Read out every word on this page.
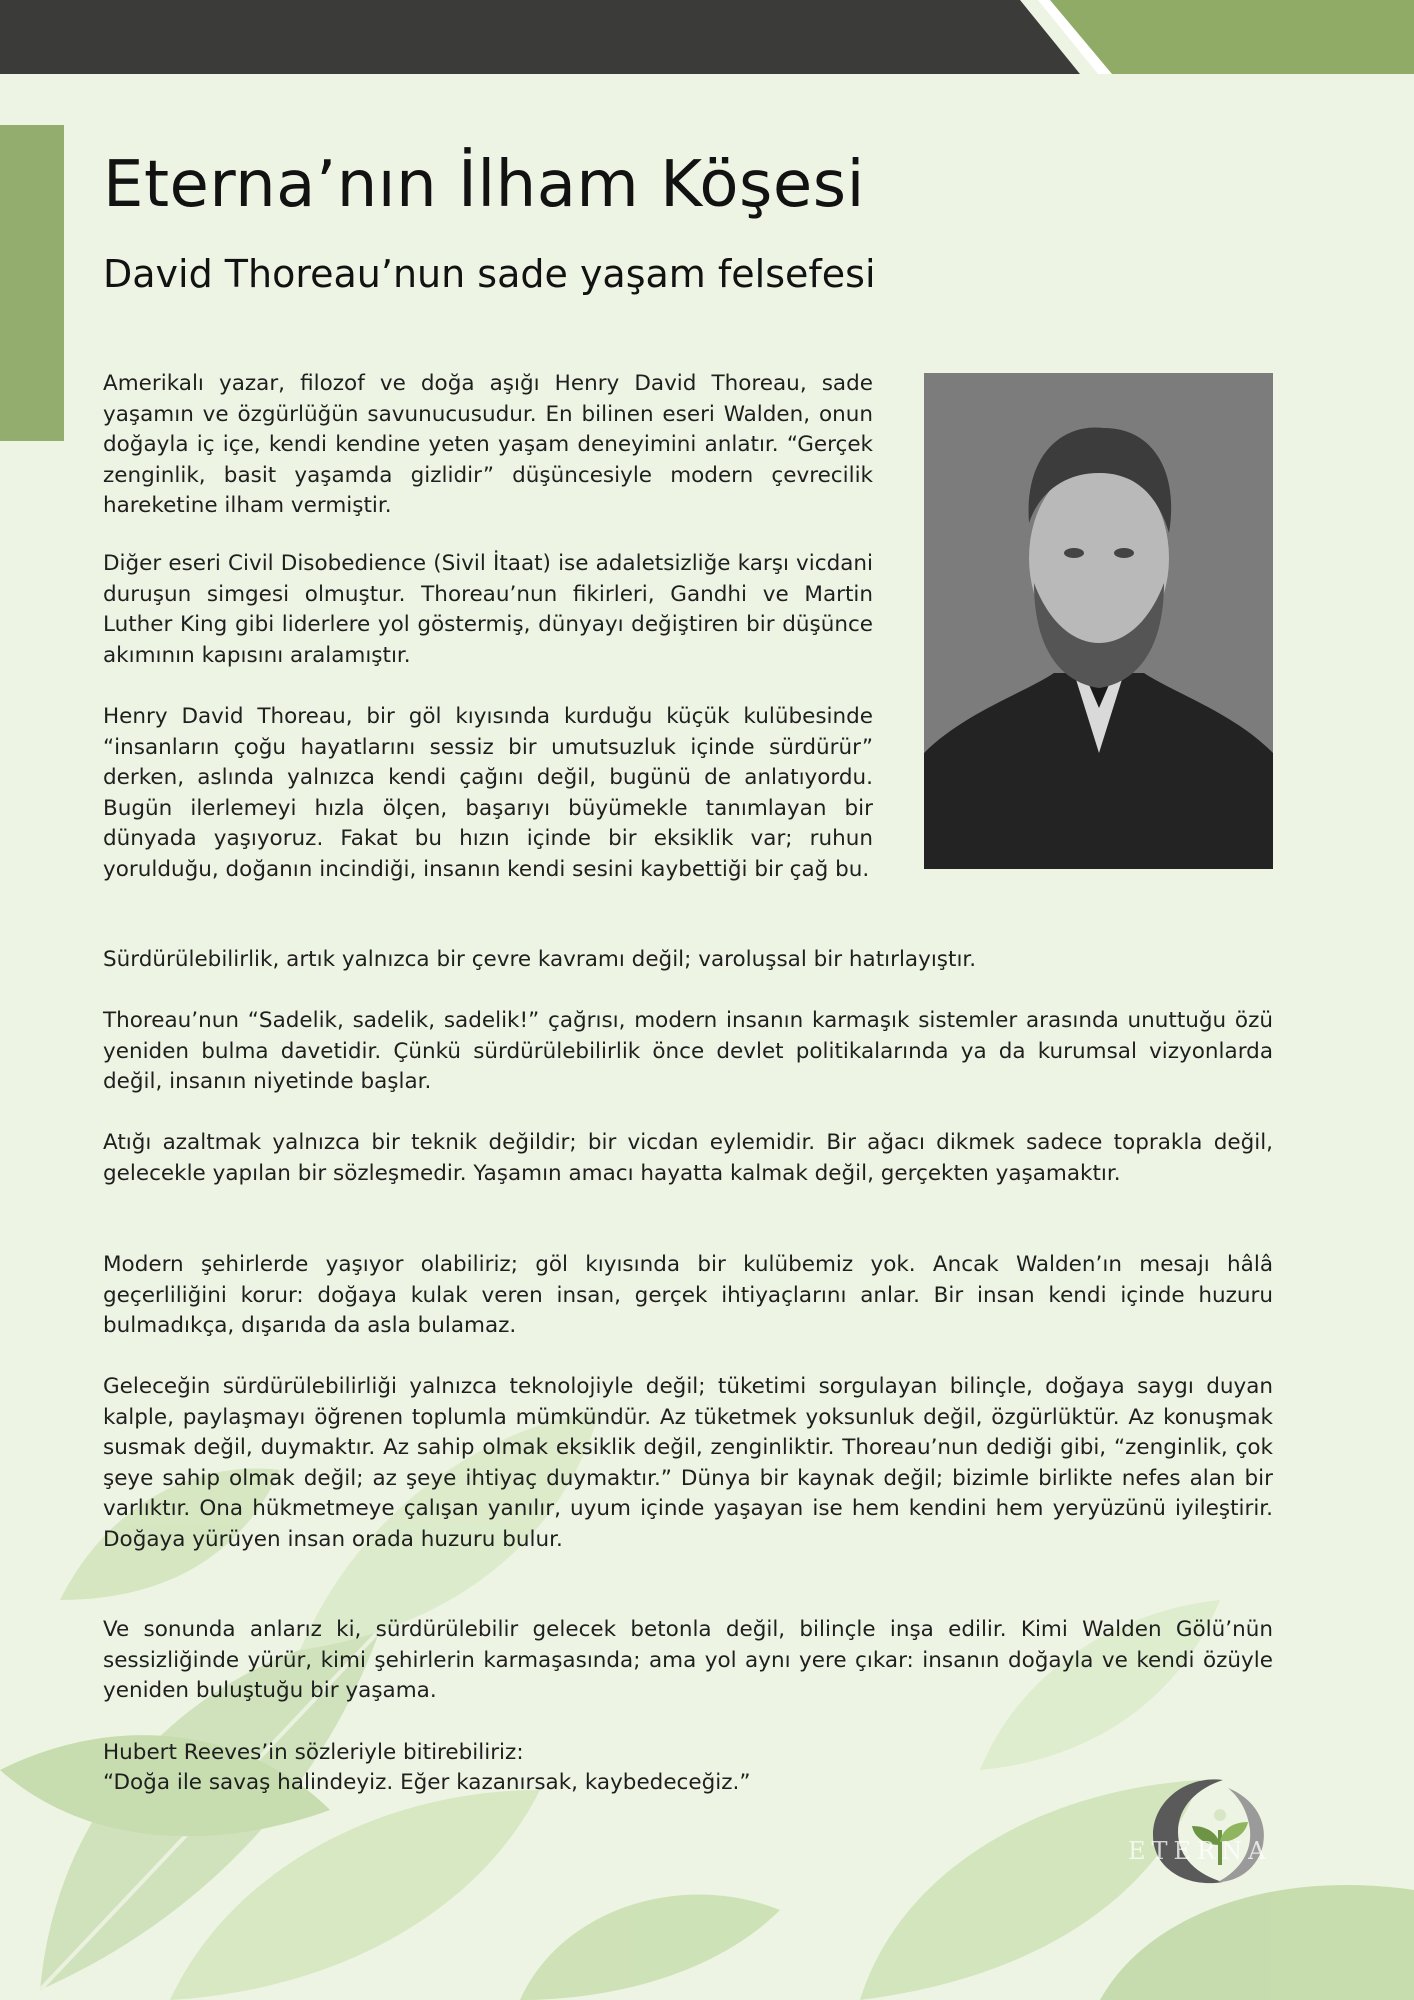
Eterna’nın İlham Köşesi
David Thoreau’nun sade yaşam felsefesi

Amerikalı yazar, filozof ve doğa aşığı Henry David Thoreau, sade yaşamın ve özgürlüğün savunucusudur. En bilinen eseri Walden, onun doğayla iç içe, kendi kendine yeten yaşam deneyimini anlatır. “Gerçek zenginlik, basit yaşamda gizlidir” düşüncesiyle modern çevrecilik hareketine ilham vermiştir.

Diğer eseri Civil Disobedience (Sivil İtaat) ise adaletsizliğe karşı vicdani duruşun simgesi olmuştur. Thoreau’nun fikirleri, Gandhi ve Martin Luther King gibi liderlere yol göstermiş, dünyayı değiştiren bir düşünce akımının kapısını aralamıştır.

Henry David Thoreau, bir göl kıyısında kurduğu küçük kulübesinde “insanların çoğu hayatlarını sessiz bir umutsuzluk içinde sürdürür” derken, aslında yalnızca kendi çağını değil, bugünü de anlatıyordu. Bugün ilerlemeyi hızla ölçen, başarıyı büyümekle tanımlayan bir dünyada yaşıyoruz. Fakat bu hızın içinde bir eksiklik var; ruhun yorulduğu, doğanın incindiği, insanın kendi sesini kaybettiği bir çağ bu.

Sürdürülebilirlik, artık yalnızca bir çevre kavramı değil; varoluşsal bir hatırlayıştır.

Thoreau’nun “Sadelik, sadelik, sadelik!” çağrısı, modern insanın karmaşık sistemler arasında unuttuğu özü yeniden bulma davetidir. Çünkü sürdürülebilirlik önce devlet politikalarında ya da kurumsal vizyonlarda değil, insanın niyetinde başlar.

Atığı azaltmak yalnızca bir teknik değildir; bir vicdan eylemidir. Bir ağacı dikmek sadece toprakla değil, gelecekle yapılan bir sözleşmedir. Yaşamın amacı hayatta kalmak değil, gerçekten yaşamaktır.

Modern şehirlerde yaşıyor olabiliriz; göl kıyısında bir kulübemiz yok. Ancak Walden’ın mesajı hâlâ geçerliliğini korur: doğaya kulak veren insan, gerçek ihtiyaçlarını anlar. Bir insan kendi içinde huzuru bulmadıkça, dışarıda da asla bulamaz.

Geleceğin sürdürülebilirliği yalnızca teknolojiyle değil; tüketimi sorgulayan bilinçle, doğaya saygı duyan kalple, paylaşmayı öğrenen toplumla mümkündür. Az tüketmek yoksunluk değil, özgürlüktür. Az konuşmak susmak değil, duymaktır. Az sahip olmak eksiklik değil, zenginliktir. Thoreau’nun dediği gibi, “zenginlik, çok şeye sahip olmak değil; az şeye ihtiyaç duymaktır.” Dünya bir kaynak değil; bizimle birlikte nefes alan bir varlıktır. Ona hükmetmeye çalışan yanılır, uyum içinde yaşayan ise hem kendini hem yeryüzünü iyileştirir. Doğaya yürüyen insan orada huzuru bulur.

Ve sonunda anlarız ki, sürdürülebilir gelecek betonla değil, bilinçle inşa edilir. Kimi Walden Gölü’nün sessizliğinde yürür, kimi şehirlerin karmaşasında; ama yol aynı yere çıkar: insanın doğayla ve kendi özüyle yeniden buluştuğu bir yaşama.

Hubert Reeves’in sözleriyle bitirebiliriz:

“Doğa ile savaş halindeyiz. Eğer kazanırsak, kaybedeceğiz.”

ETERNA
